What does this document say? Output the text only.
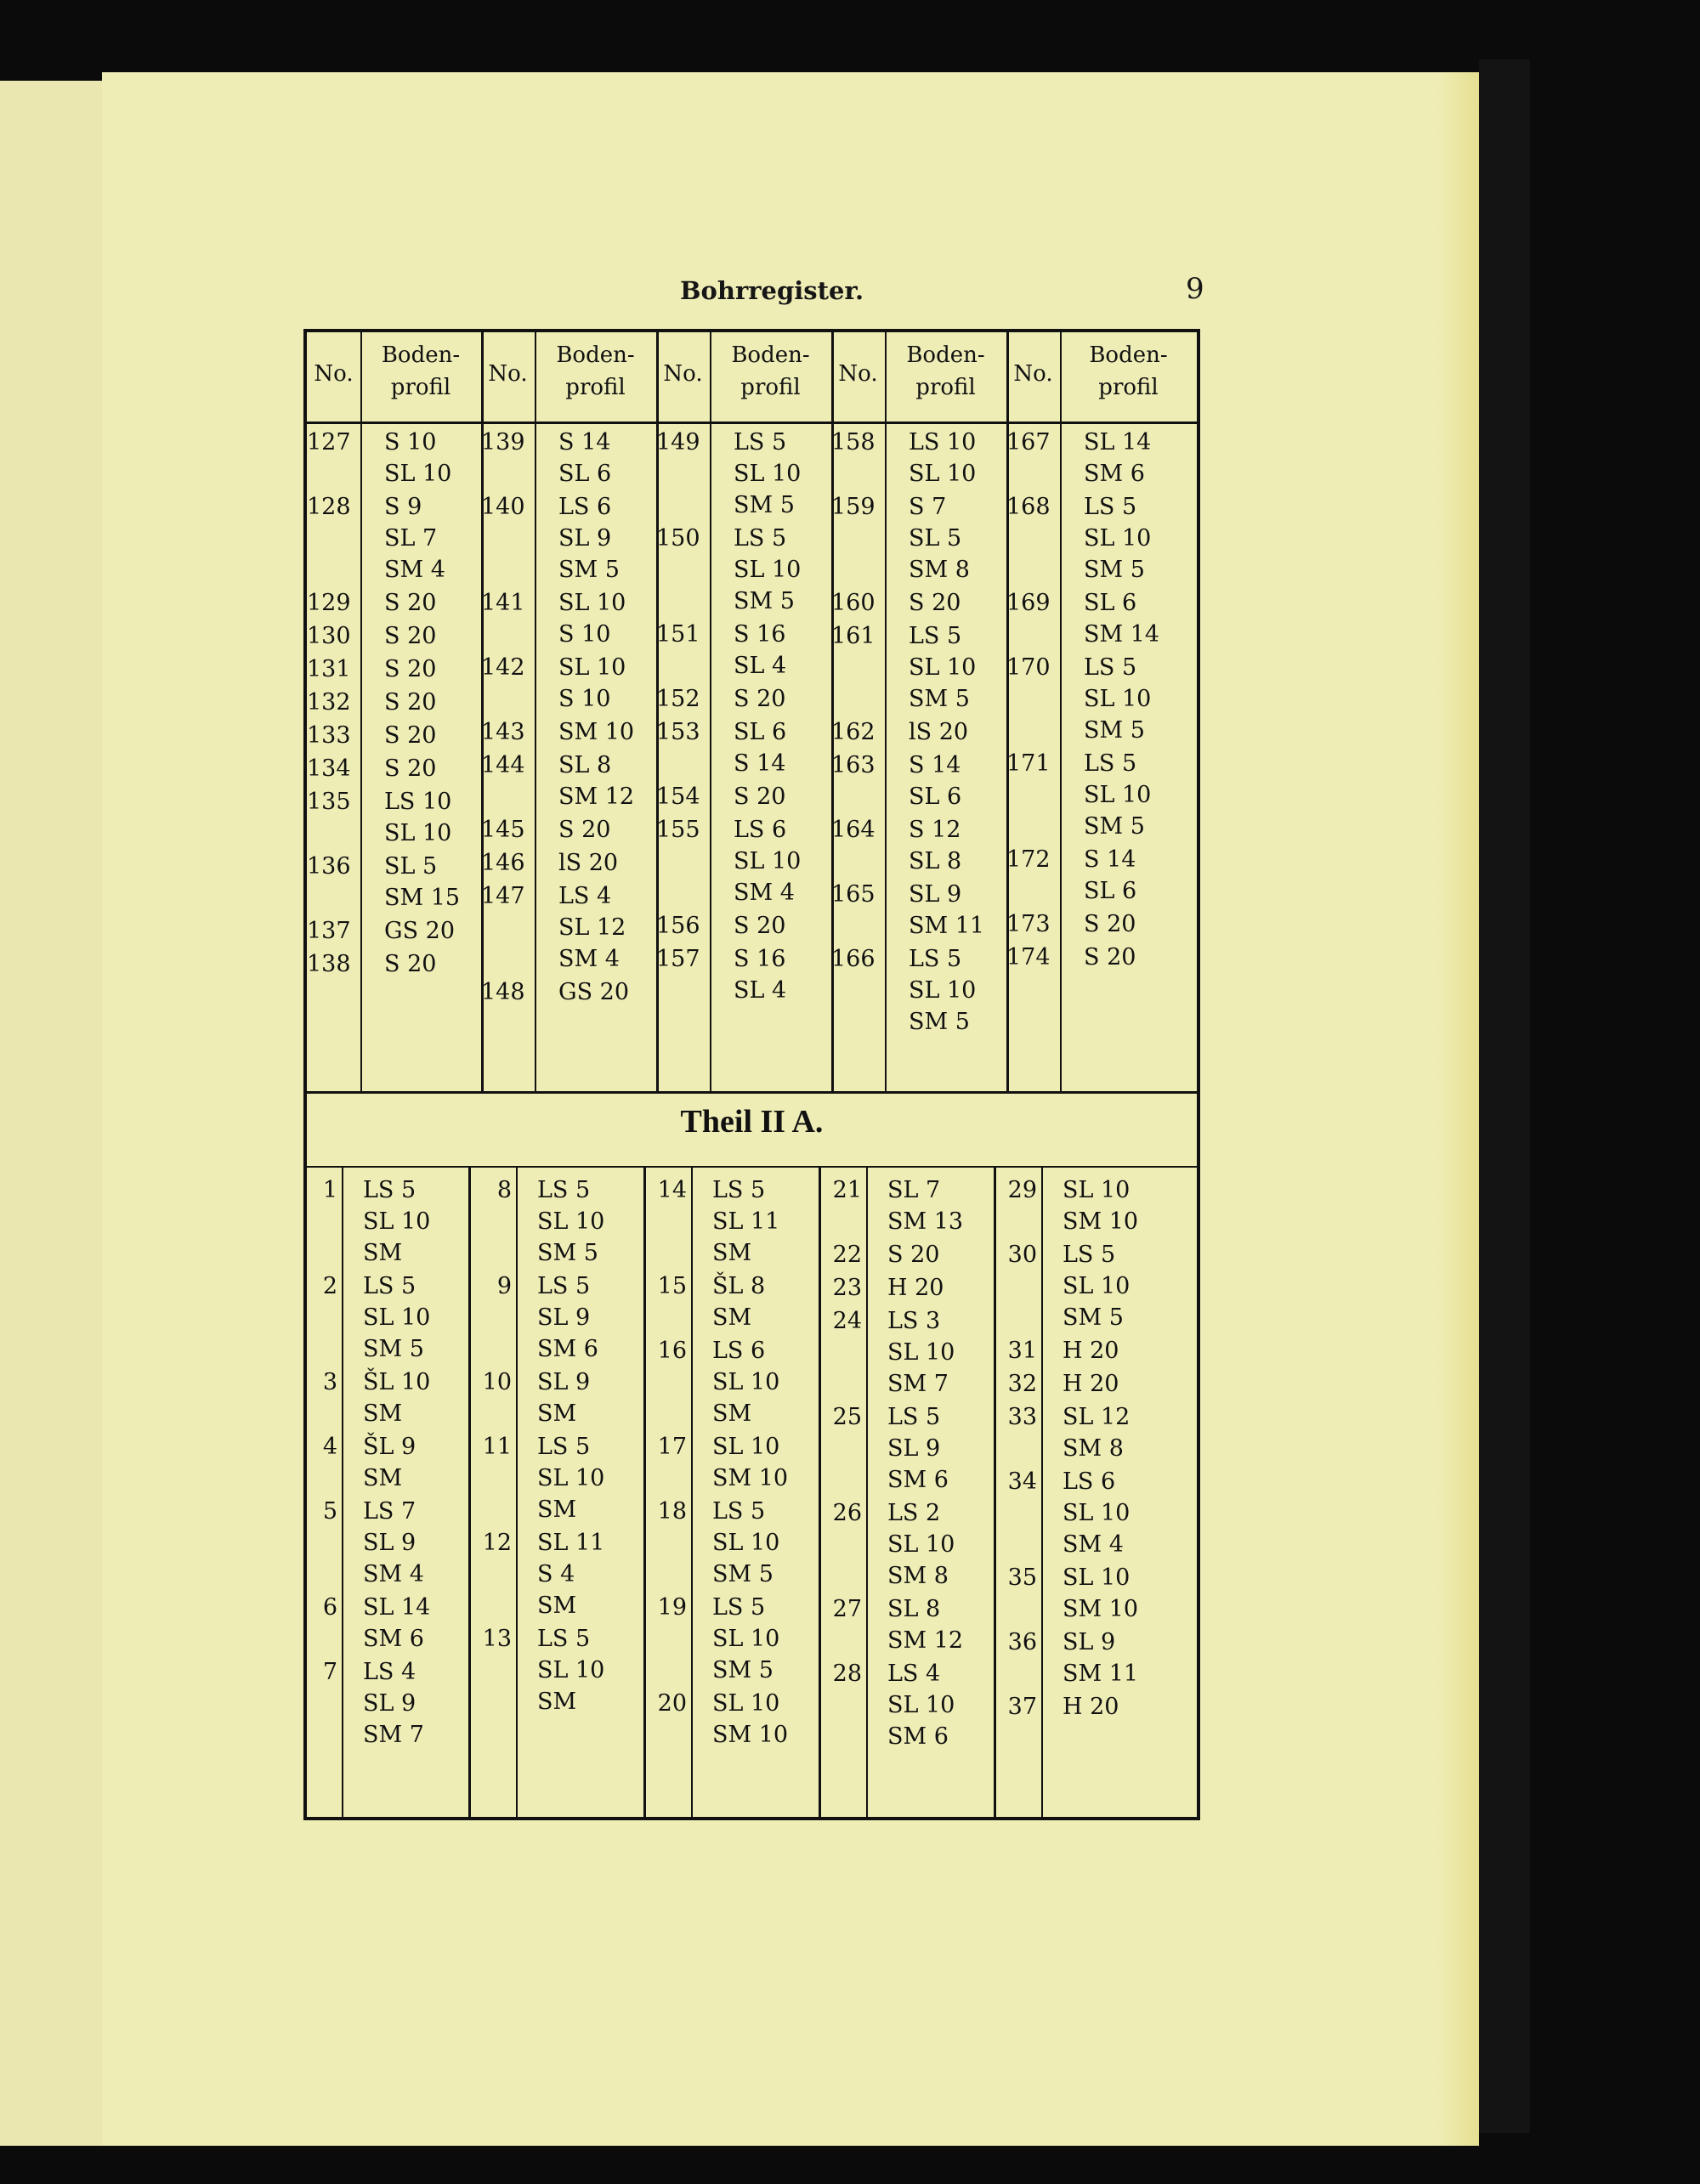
Bohrregister.	9
Theil II A.
No.
Boden-
profil
No.
Boden-
profil
No.
Boden-
profil
No.
Boden-
profil
No.
Boden-
profil
127 S 10
SL 10
128 S 9
SL 7
SM 4
129 S 20
130 S 20
131 S 20
132 S 20
133 S 20
134 S 20
135 LS 10
SL 10
136 SL 5
SM 15
137 GS 20
138 S 20
139 S 14
SL 6
140 LS 6
SL 9
SM 5
141 SL 10
S 10
142 SL 10
S 10
143 SM 10
144 SL 8
SM 12
145 S 20
146 lS 20
147 LS 4
SL 12
SM 4
148 GS 20
149 LS 5
SL 10
SM 5
150 LS 5
SL 10
SM 5
151 S 16
SL 4
152 S 20
153 SL 6
S 14
154 S 20
155 LS 6
SL 10
SM 4
156 S 20
157 S 16
SL 4
158 LS 10
SL 10
159 S 7
SL 5
SM 8
160 S 20
161 LS 5
SL 10
SM 5
162 lS 20
163 S 14
SL 6
164 S 12
SL 8
165 SL 9
SM 11
166 LS 5
SL 10
SM 5
167 SL 14
SM 6
168 LS 5
SL 10
SM 5
169 SL 6
SM 14
170 LS 5
SL 10
SM 5
171 LS 5
SL 10
SM 5
172 S 14
SL 6
173 S 20
174 S 20
1 LS 5
SL 10
SM
2 LS 5
SL 10
SM 5
3 ŠL 10
SM
4 ŠL 9
SM
5 LS 7
SL 9
SM 4
6 SL 14
SM 6
7 LS 4
SL 9
SM 7
8 LS 5
SL 10
SM 5
9 LS 5
SL 9
SM 6
10 SL 9
SM
11 LS 5
SL 10
SM
12 SL 11
S 4
SM
13 LS 5
SL 10
SM
14 LS 5
SL 11
SM
15 ŠL 8
SM
16 LS 6
SL 10
SM
17 SL 10
SM 10
18 LS 5
SL 10
SM 5
19 LS 5
SL 10
SM 5
20 SL 10
SM 10
21 SL 7
SM 13
22 S 20
23 H 20
24 LS 3
SL 10
SM 7
25 LS 5
SL 9
SM 6
26 LS 2
SL 10
SM 8
27 SL 8
SM 12
28 LS 4
SL 10
SM 6
29 SL 10
SM 10
30 LS 5
SL 10
SM 5
31 H 20
32 H 20
33 SL 12
SM 8
34 LS 6
SL 10
SM 4
35 SL 10
SM 10
36 SL 9
SM 11
37 H 20
